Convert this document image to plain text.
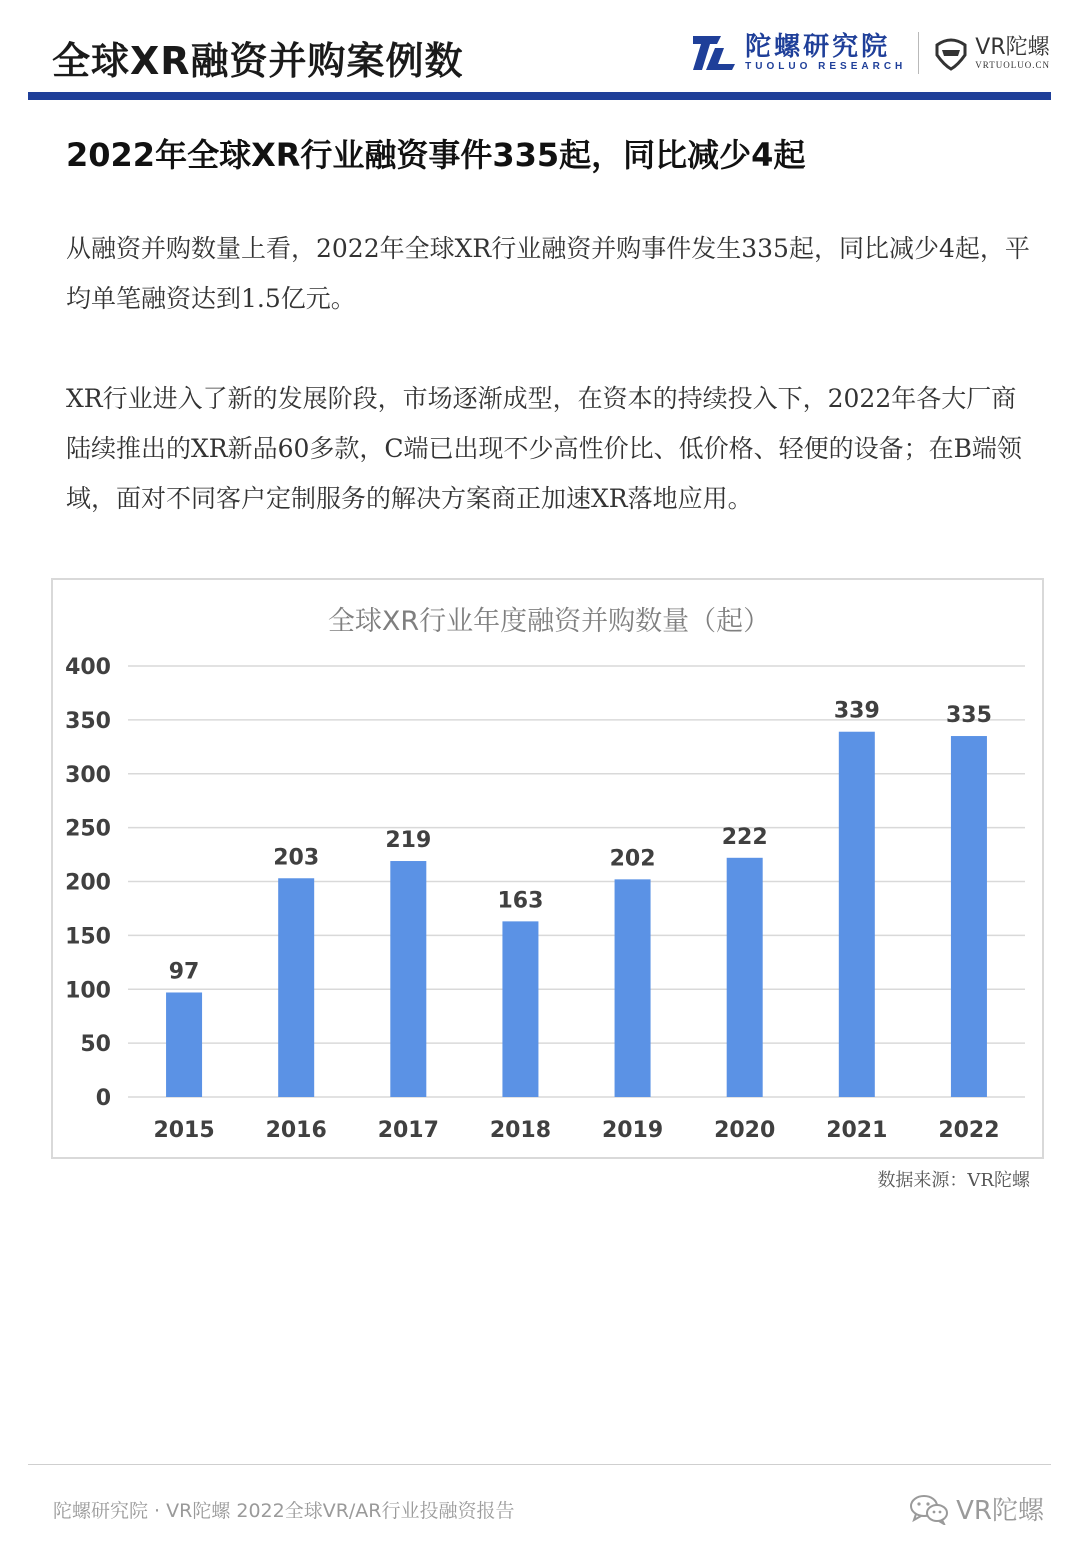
全球XR融资并购案例数	陀螺研究院
TUOLUO RESEARCH
VR陀螺
VRTUOLUO.CN
2022年全球XR行业融资事件335起，同比减少4起
从融资并购数量上看，2022年全球XR行业融资并购事件发生335起，同比减少4起，平均单笔融资达到1.5亿元。
XR行业进入了新的发展阶段，市场逐渐成型，在资本的持续投入下，2022年各大厂商陆续推出的XR新品60多款，C端已出现不少高性价比、低价格、轻便的设备；在B端领域，面对不同客户定制服务的解决方案商正加速XR落地应用。
全球XR行业年度融资并购数量（起）
0
50
100
150
200
250
300
350
400
97
2015
203
2016
219
2017
163
2018
202
2019
222
2020
339
2021
335
2022
数据来源：VR陀螺
陀螺研究院 · VR陀螺 2022全球VR/AR行业投融资报告	VR陀螺
